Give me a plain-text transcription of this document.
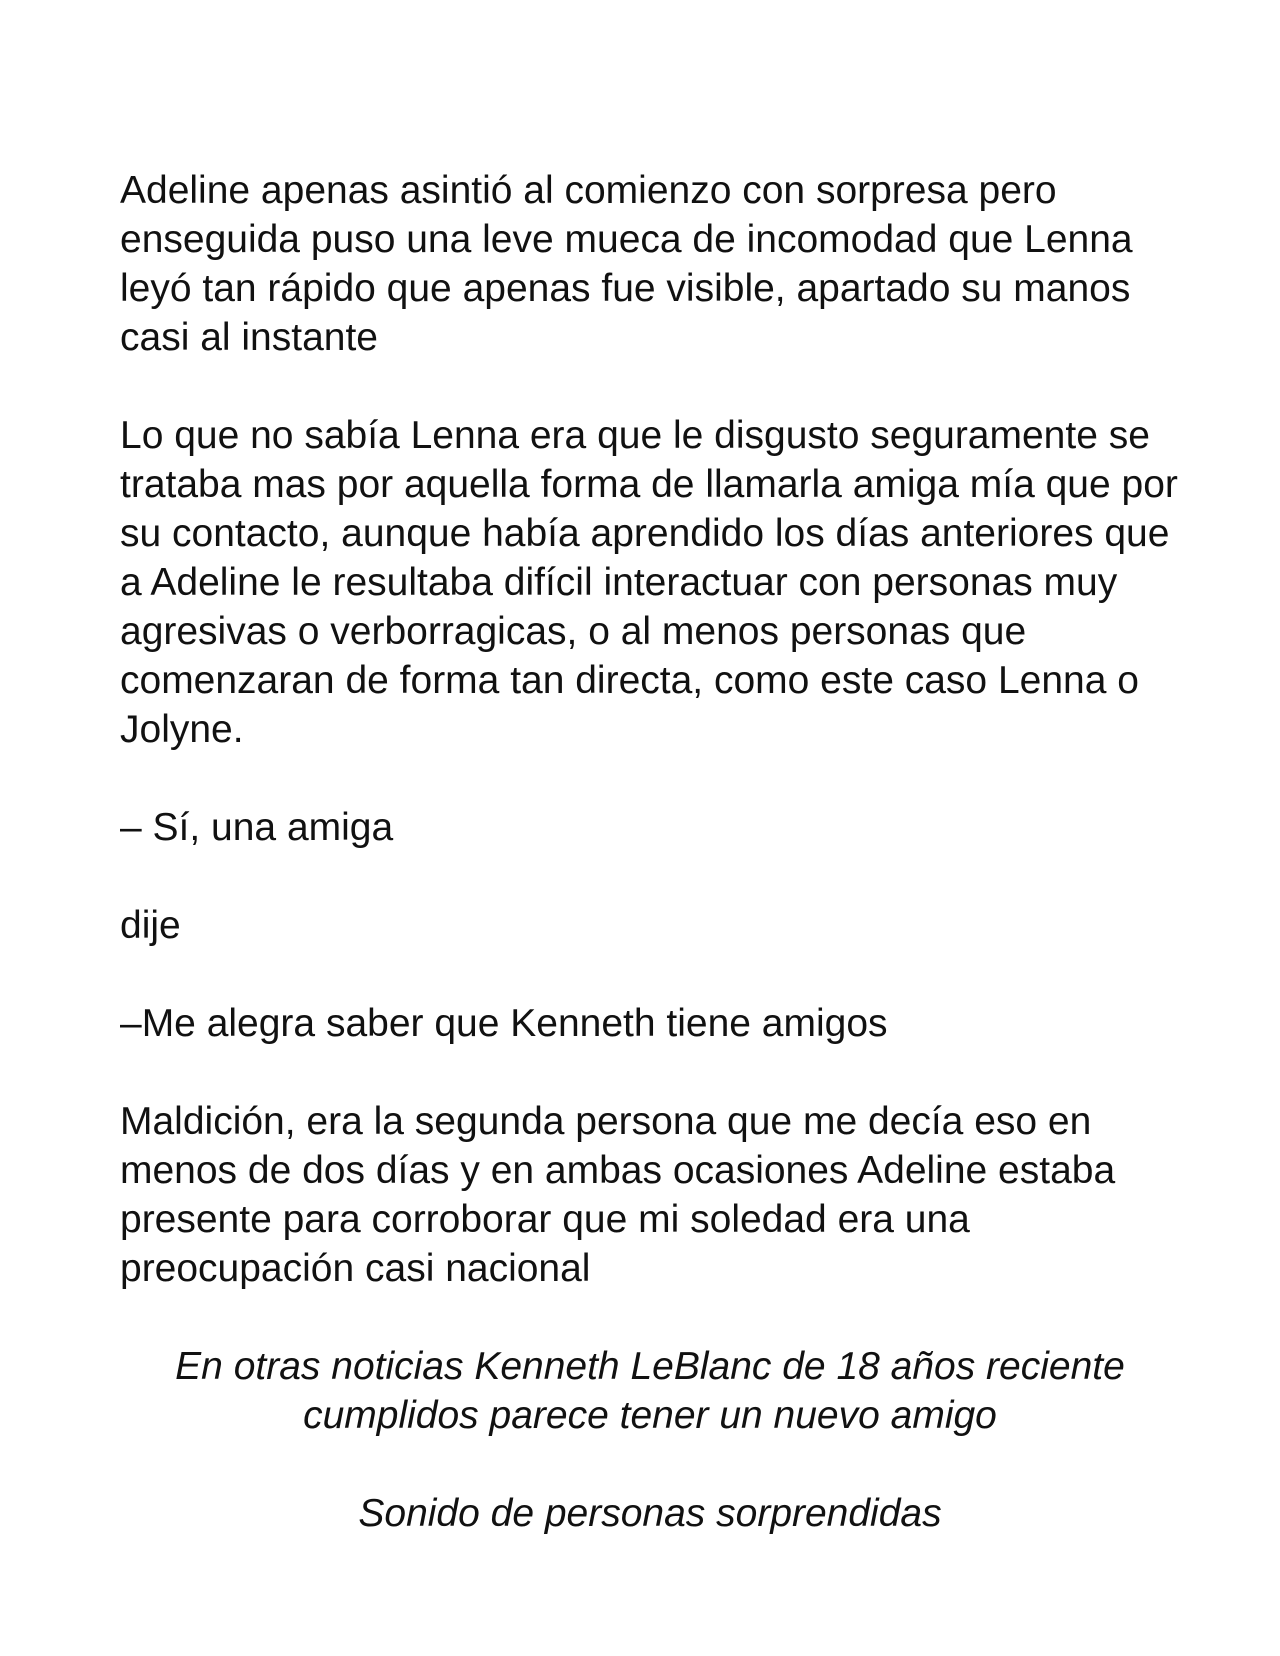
Adeline apenas asintió al comienzo con sorpresa pero enseguida puso una leve mueca de incomodad que Lenna leyó tan rápido que apenas fue visible, apartado su manos casi al instante

Lo que no sabía Lenna era que le disgusto seguramente se trataba mas por aquella forma de llamarla amiga mía que por su contacto, aunque había aprendido los días anteriores que a Adeline le resultaba difícil interactuar con personas muy agresivas o verborragicas, o al menos personas que comenzaran de forma tan directa, como este caso Lenna o Jolyne.

– Sí, una amiga

dije

–Me alegra saber que Kenneth tiene amigos

Maldición, era la segunda persona que me decía eso en menos de dos días y en ambas ocasiones Adeline estaba presente para corroborar que mi soledad era una preocupación casi nacional

En otras noticias Kenneth LeBlanc de 18 años reciente cumplidos parece tener un nuevo amigo

Sonido de personas sorprendidas
